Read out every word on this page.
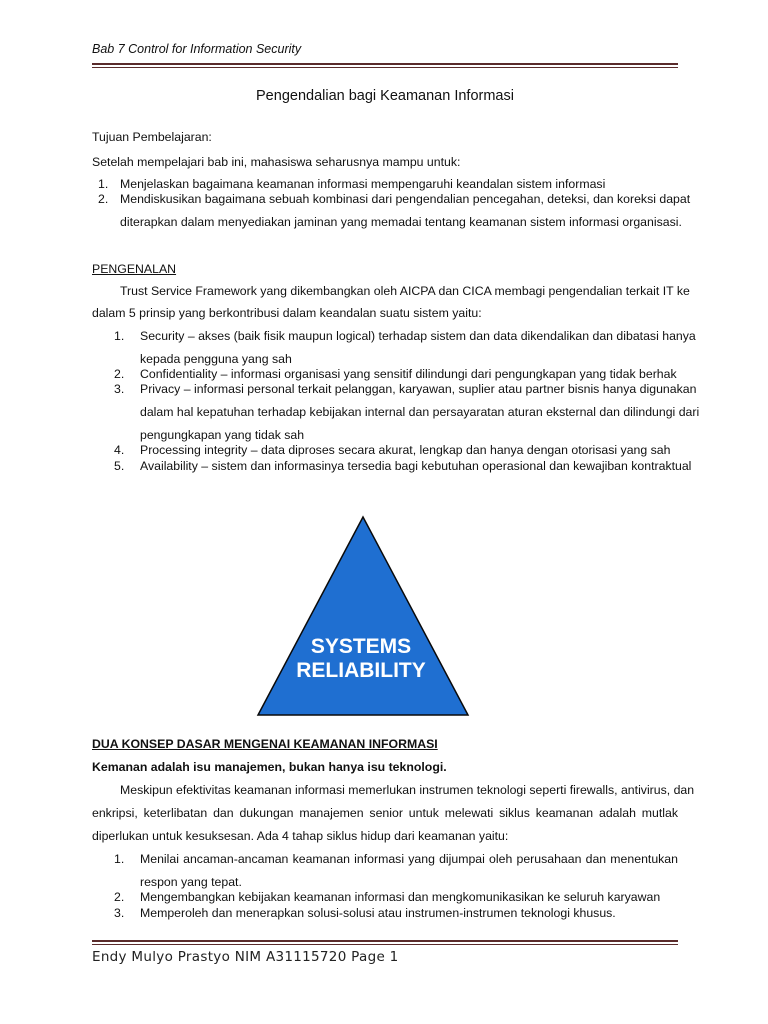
Bab 7 Control for Information Security
Pengendalian bagi Keamanan Informasi
Tujuan Pembelajaran:
Setelah mempelajari bab ini, mahasiswa seharusnya mampu untuk:
1. Menjelaskan bagaimana keamanan informasi mempengaruhi keandalan sistem informasi
2. Mendiskusikan bagaimana sebuah kombinasi dari pengendalian pencegahan, deteksi, dan koreksi dapat
diterapkan dalam menyediakan jaminan yang memadai tentang keamanan sistem informasi organisasi.
PENGENALAN
Trust Service Framework yang dikembangkan oleh AICPA dan CICA membagi pengendalian terkait IT ke
dalam 5 prinsip yang berkontribusi dalam keandalan suatu sistem yaitu:
1. Security – akses (baik fisik maupun logical) terhadap sistem dan data dikendalikan dan dibatasi hanya
kepada pengguna yang sah
2. Confidentiality – informasi organisasi yang sensitif dilindungi dari pengungkapan yang tidak berhak
3. Privacy – informasi personal terkait pelanggan, karyawan, suplier atau partner bisnis hanya digunakan
dalam hal kepatuhan terhadap kebijakan internal dan persayaratan aturan eksternal dan dilindungi dari
pengungkapan yang tidak sah
4. Processing integrity – data diproses secara akurat, lengkap dan hanya dengan otorisasi yang sah
5. Availability – sistem dan informasinya tersedia bagi kebutuhan operasional dan kewajiban kontraktual
SYSTEMS
RELIABILITY
DUA KONSEP DASAR MENGENAI KEAMANAN INFORMASI
Kemanan adalah isu manajemen, bukan hanya isu teknologi.
Meskipun efektivitas keamanan informasi memerlukan instrumen teknologi seperti firewalls, antivirus, dan
enkripsi, keterlibatan dan dukungan manajemen senior untuk melewati siklus keamanan adalah mutlak
diperlukan untuk kesuksesan. Ada 4 tahap siklus hidup dari keamanan yaitu:
1. Menilai ancaman-ancaman keamanan informasi yang dijumpai oleh perusahaan dan menentukan
respon yang tepat.
2. Mengembangkan kebijakan keamanan informasi dan mengkomunikasikan ke seluruh karyawan
3. Memperoleh dan menerapkan solusi-solusi atau instrumen-instrumen teknologi khusus.
Endy Mulyo Prastyo NIM A31115720 Page 1
